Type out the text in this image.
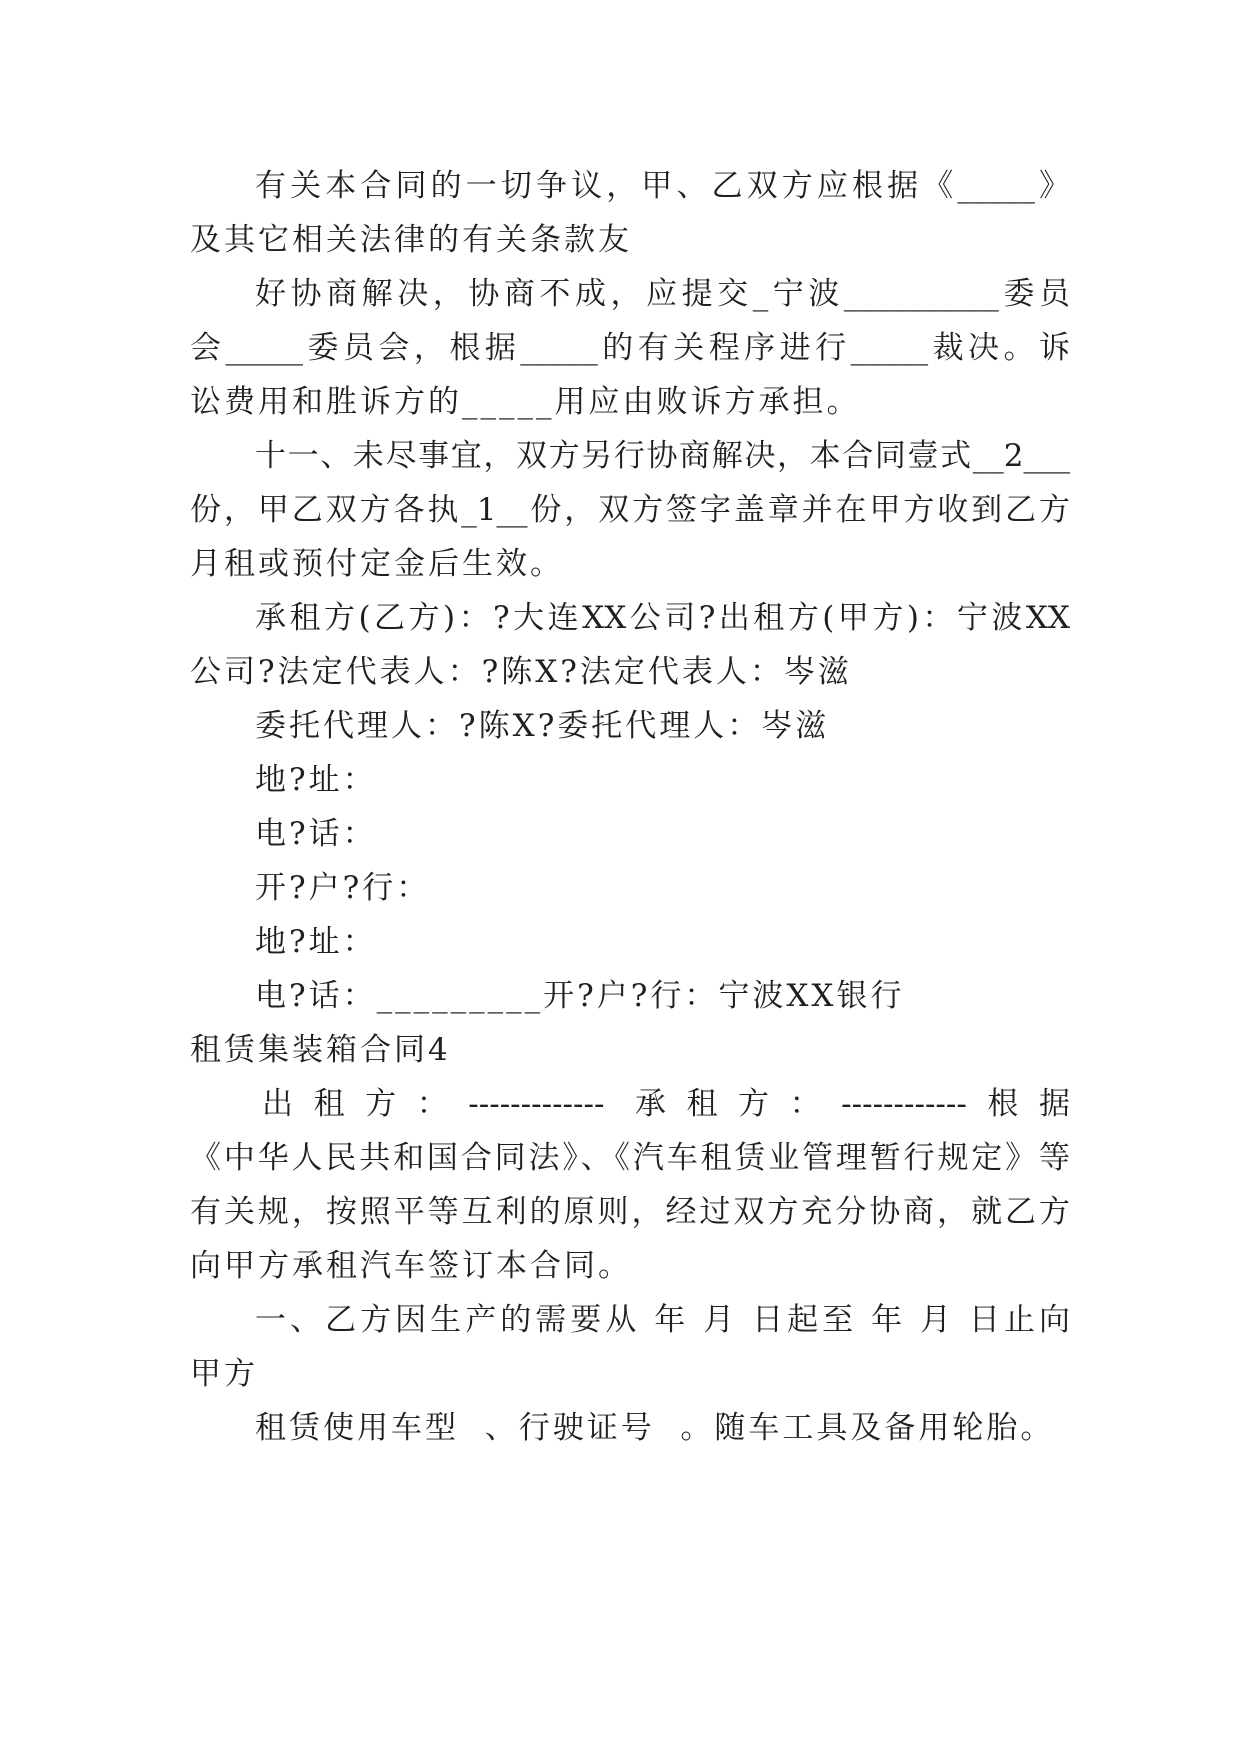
有关本合同的一切争议，甲、乙双方应根据《_____》
及其它相关法律的有关条款友
好协商解决，协商不成，应提交_宁波__________委员
会_____委员会，根据_____的有关程序进行_____裁决。诉
讼费用和胜诉方的_____用应由败诉方承担。
十一、未尽事宜，双方另行协商解决，本合同壹式__2___
份，甲乙双方各执_1__份，双方签字盖章并在甲方收到乙方
月租或预付定金后生效。
承租方(乙方)：?大连XX公司?出租方(甲方)：宁波XX
公司?法定代表人：?陈X?法定代表人：岑滋
委托代理人：?陈X?委托代理人：岑滋
地?址：
电?话：
开?户?行：
地?址：
电?话：_________开?户?行：宁波XX银行
租赁集装箱合同4
出租方：------------- 承租方：------------根据
《中华人民共和国合同法》、《汽车租赁业管理暂行规定》等
有关规，按照平等互利的原则，经过双方充分协商，就乙方
向甲方承租汽车签订本合同。
一、乙方因生产的需要从 年 月 日起至 年 月 日止向
甲方
租赁使用车型  、行驶证号  。随车工具及备用轮胎。
